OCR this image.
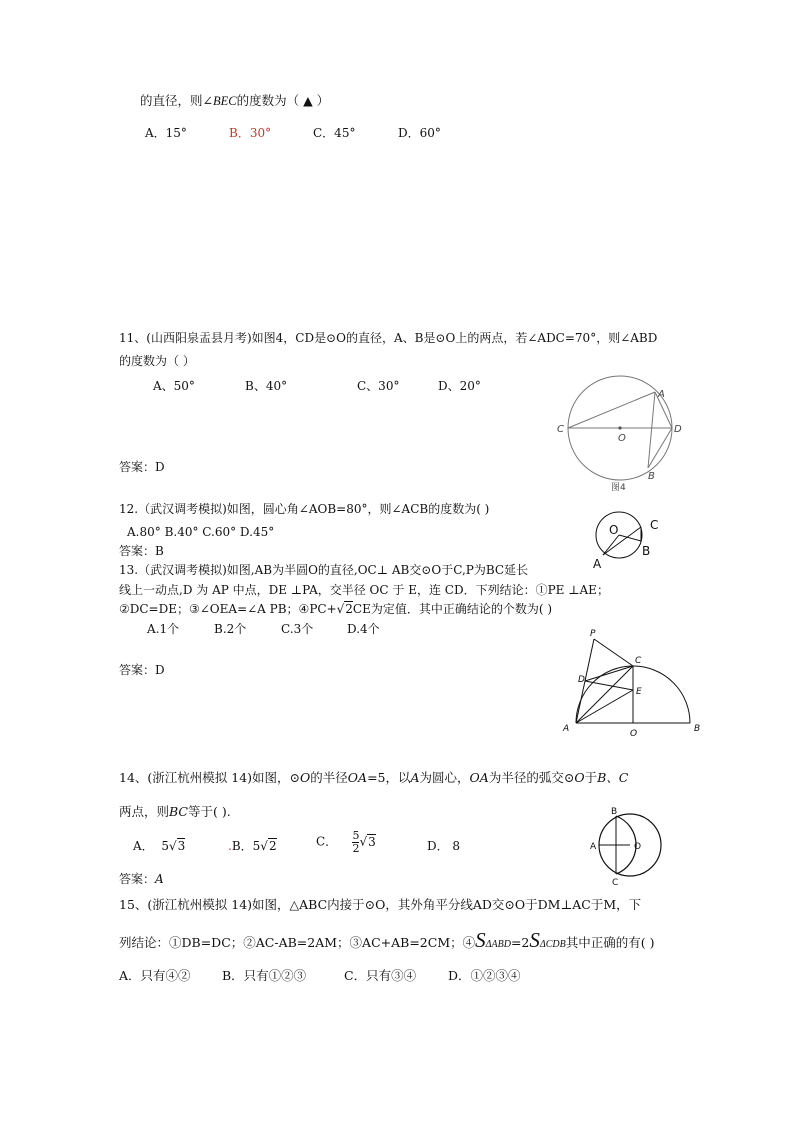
的直径，则∠BEC的度数为（ ▲ ）
A．15°	B．30°	C．45°	D．60°
11、(山西阳泉盂县月考)如图4，CD是⊙O的直径，A、B是⊙O上的两点，若∠ADC=70°，则∠ABD
的度数为（ ）
A、50°	B、40°	C、30°	D、20°
答案：D
C
O
D
A
B
图4
12.（武汉调考模拟)如图，圆心角∠AOB=80°，则∠ACB的度数为( )
A.80° B.40° C.60° D.45°
答案：B
O	C
A
B
13.（武汉调考模拟)如图,AB为半圆O的直径,OC⊥ AB交⊙O于C,P为BC延长
线上一动点,D 为 AP 中点，DE ⊥PA，交半径 OC 于 E，连 CD．下列结论：①PE ⊥AE；
②DC=DE；③∠OEA=∠A PB；④PC+√2CE为定值．其中正确结论的个数为( )
A.1个	B.2个	C.3个	D.4个
答案：D
P
C
D
E
A	O	B
14、(浙江杭州模拟 14)如图，⊙O的半径OA=5，以A为圆心，OA为半径的弧交⊙O于B、C
两点，则BC等于( ).
A． 5√3	.B．5√2	C． $\frac{5}{2} √3$	D． 8
答案：A
B
A	O
C
15、(浙江杭州模拟 14)如图，△ABC内接于⊙O，其外角平分线AD交⊙O于DM⊥AC于M，下
列结论：①DB=DC；②AC-AB=2AM；③AC+AB=2CM；④SΔABD=2SΔCDB其中正确的有( )
A．只有④②	B．只有①②③	C．只有③④	D．①②③④
